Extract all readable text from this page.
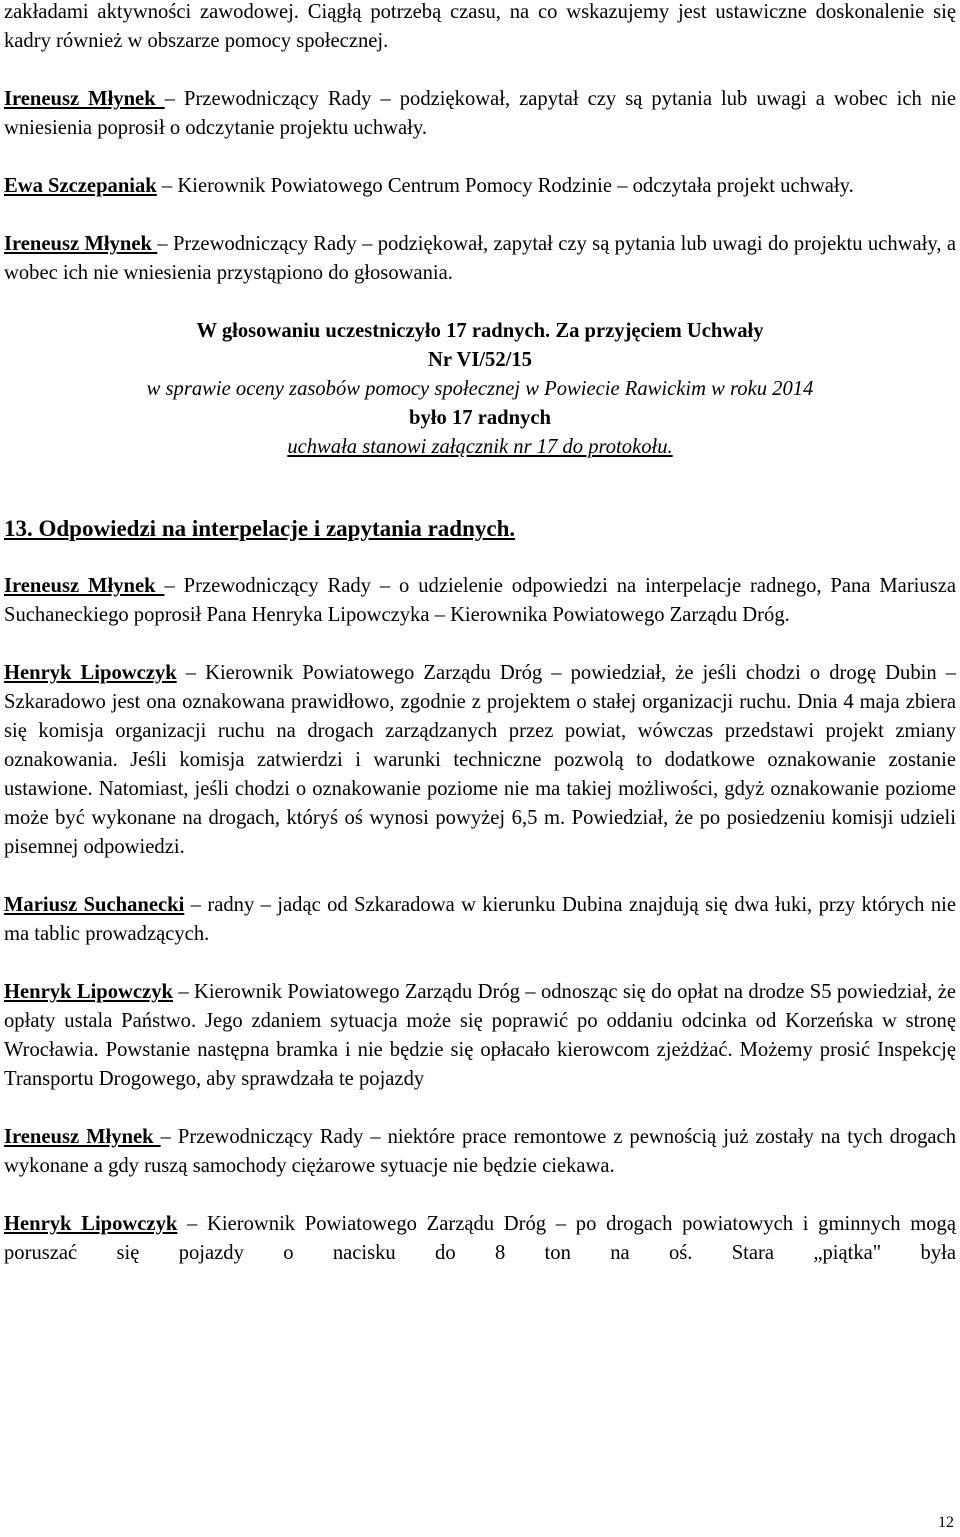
zakładami aktywności zawodowej. Ciągłą potrzebą czasu, na co wskazujemy jest ustawiczne doskonalenie się kadry również w obszarze pomocy społecznej.

Ireneusz Młynek – Przewodniczący Rady – podziękował, zapytał czy są pytania lub uwagi a wobec ich nie wniesienia poprosił o odczytanie projektu uchwały.

Ewa Szczepaniak – Kierownik Powiatowego Centrum Pomocy Rodzinie – odczytała projekt uchwały.

Ireneusz Młynek – Przewodniczący Rady – podziękował, zapytał czy są pytania lub uwagi do projektu uchwały, a wobec ich nie wniesienia przystąpiono do głosowania.

W głosowaniu uczestniczyło 17 radnych. Za przyjęciem Uchwały
Nr VI/52/15
w sprawie oceny zasobów pomocy społecznej w Powiecie Rawickim w roku 2014
było 17 radnych
uchwała stanowi załącznik nr 17 do protokołu.
13. Odpowiedzi na interpelacje i zapytania radnych.

Ireneusz Młynek – Przewodniczący Rady – o udzielenie odpowiedzi na interpelacje radnego, Pana Mariusza Suchaneckiego poprosił Pana Henryka Lipowczyka – Kierownika Powiatowego Zarządu Dróg.

Henryk Lipowczyk – Kierownik Powiatowego Zarządu Dróg – powiedział, że jeśli chodzi o drogę Dubin – Szkaradowo jest ona oznakowana prawidłowo, zgodnie z projektem o stałej organizacji ruchu. Dnia 4 maja zbiera się komisja organizacji ruchu na drogach zarządzanych przez powiat, wówczas przedstawi projekt zmiany oznakowania. Jeśli komisja zatwierdzi i warunki techniczne pozwolą to dodatkowe oznakowanie zostanie ustawione. Natomiast, jeśli chodzi o oznakowanie poziome nie ma takiej możliwości, gdyż oznakowanie poziome może być wykonane na drogach, któryś oś wynosi powyżej 6,5 m. Powiedział, że po posiedzeniu komisji udzieli pisemnej odpowiedzi.

Mariusz Suchanecki – radny – jadąc od Szkaradowa w kierunku Dubina znajdują się dwa łuki, przy których nie ma tablic prowadzących.

Henryk Lipowczyk – Kierownik Powiatowego Zarządu Dróg – odnosząc się do opłat na drodze S5 powiedział, że opłaty ustala Państwo. Jego zdaniem sytuacja może się poprawić po oddaniu odcinka od Korzeńska w stronę Wrocławia. Powstanie następna bramka i nie będzie się opłacało kierowcom zjeżdżać. Możemy prosić Inspekcję Transportu Drogowego, aby sprawdzała te pojazdy

Ireneusz Młynek – Przewodniczący Rady – niektóre prace remontowe z pewnością już zostały na tych drogach wykonane a gdy ruszą samochody ciężarowe sytuacje nie będzie ciekawa.

Henryk Lipowczyk – Kierownik Powiatowego Zarządu Dróg – po drogach powiatowych i gminnych mogą poruszać się pojazdy o nacisku do 8 ton na oś. Stara „piątka" była

12
